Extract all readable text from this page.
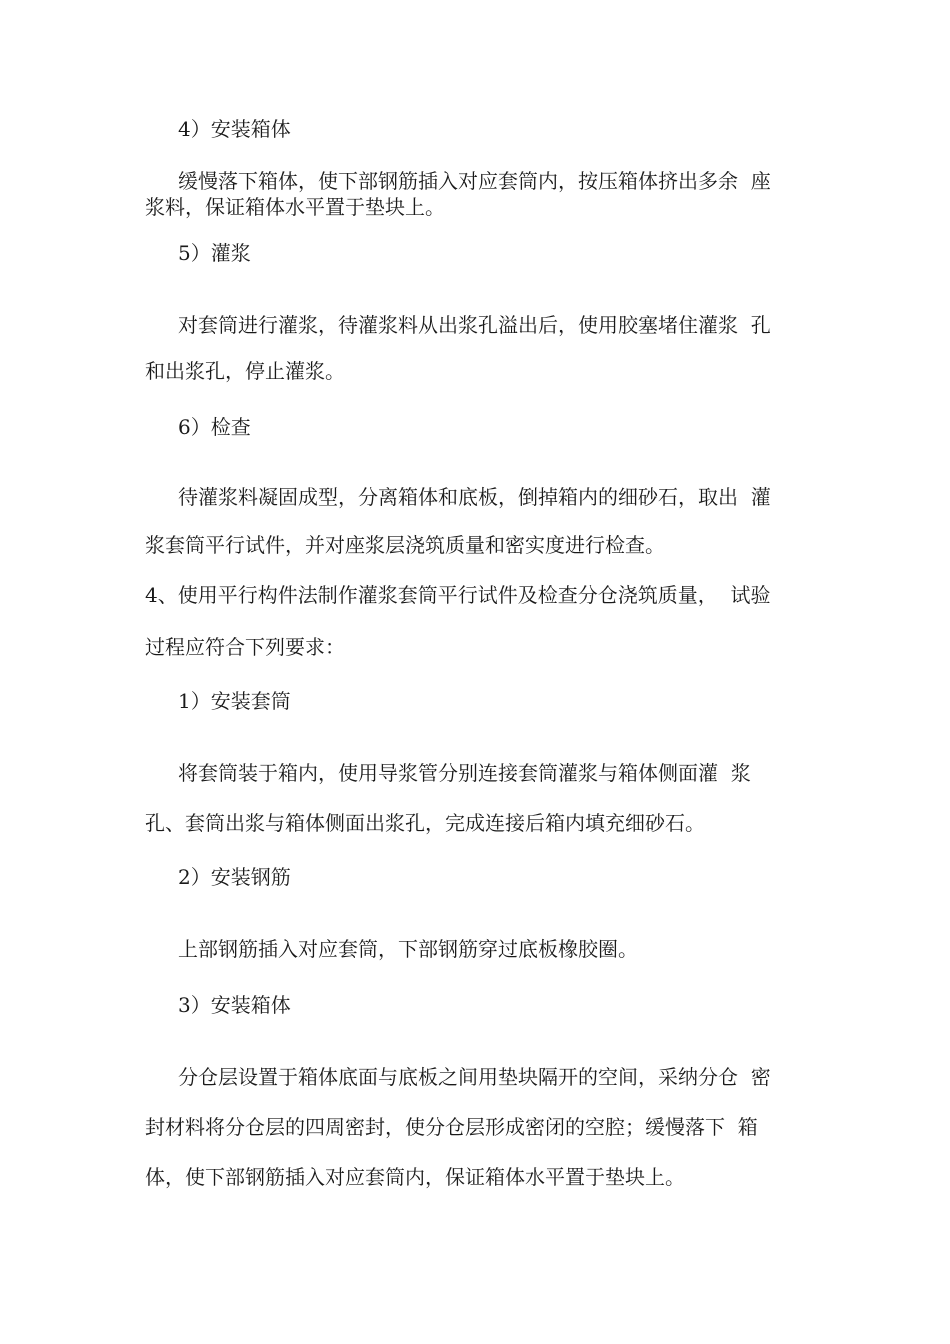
4）安装箱体

缓慢落下箱体，使下部钢筋插入对应套筒内，按压箱体挤出多余  座

浆料，保证箱体水平置于垫块上。

5）灌浆

对套筒进行灌浆，待灌浆料从出浆孔溢出后，使用胶塞堵住灌浆  孔

和出浆孔，停止灌浆。

6）检查

待灌浆料凝固成型，分离箱体和底板，倒掉箱内的细砂石，取出  灌

浆套筒平行试件，并对座浆层浇筑质量和密实度进行检查。

4、使用平行构件法制作灌浆套筒平行试件及检查分仓浇筑质量，  试验

过程应符合下列要求：

1）安装套筒

将套筒装于箱内，使用导浆管分别连接套筒灌浆与箱体侧面灌  浆

孔、套筒出浆与箱体侧面出浆孔，完成连接后箱内填充细砂石。

2）安装钢筋

上部钢筋插入对应套筒，下部钢筋穿过底板橡胶圈。

3）安装箱体

分仓层设置于箱体底面与底板之间用垫块隔开的空间，采纳分仓  密

封材料将分仓层的四周密封，使分仓层形成密闭的空腔；缓慢落下  箱

体，使下部钢筋插入对应套筒内，保证箱体水平置于垫块上。
